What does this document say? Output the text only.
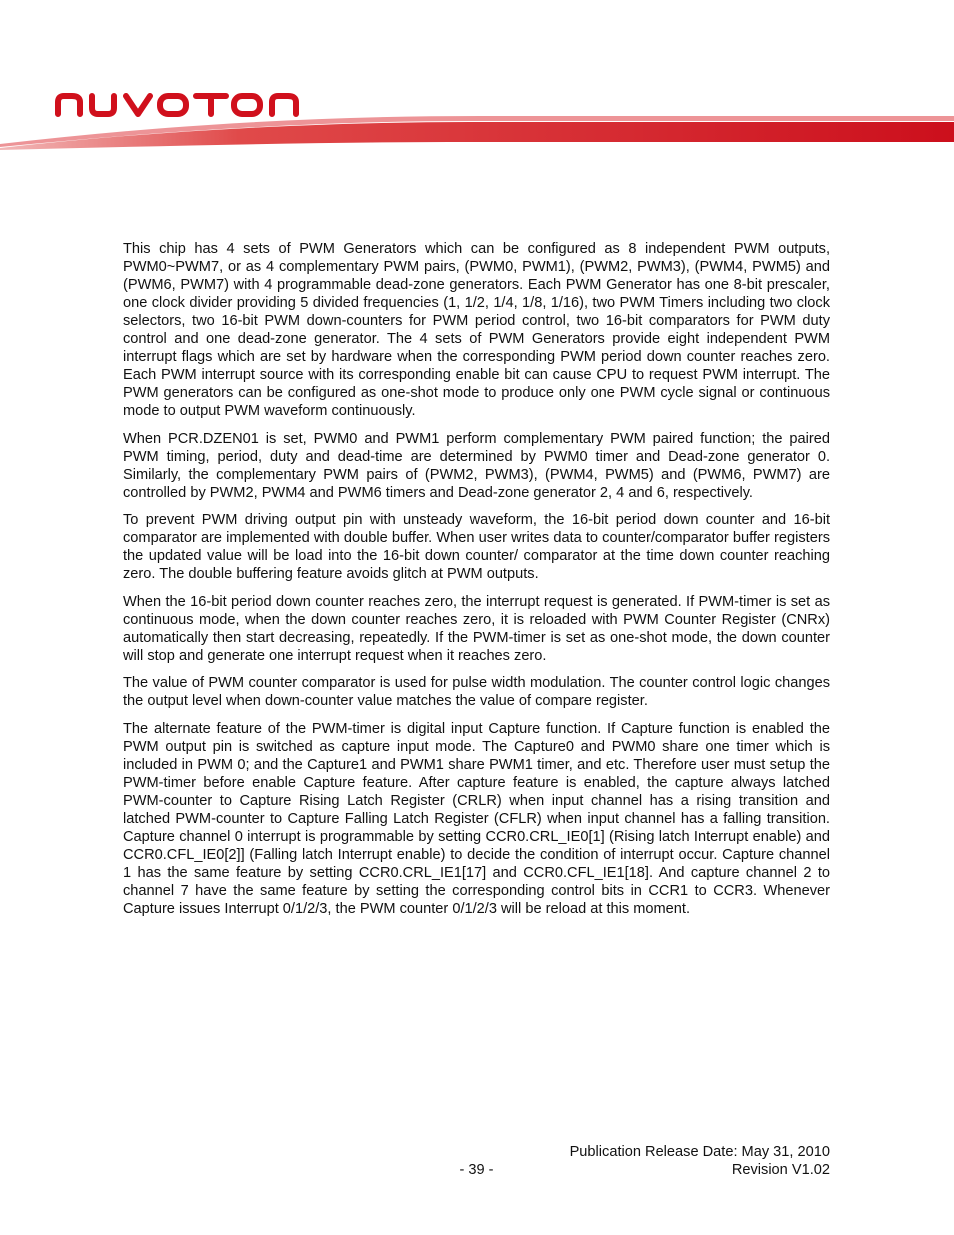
This chip has 4 sets of PWM Generators which can be configured as 8 independent PWM outputs, PWM0~PWM7, or as 4 complementary PWM pairs, (PWM0, PWM1), (PWM2, PWM3), (PWM4, PWM5) and (PWM6, PWM7) with 4 programmable dead-zone generators. Each PWM Generator has one 8-bit prescaler, one clock divider providing 5 divided frequencies (1, 1/2, 1/4, 1/8, 1/16), two PWM Timers including two clock selectors, two 16-bit PWM down-counters for PWM period control, two 16-bit comparators for PWM duty control and one dead-zone generator. The 4 sets of PWM Generators provide eight independent PWM interrupt flags which are set by hardware when the corresponding PWM period down counter reaches zero. Each PWM interrupt source with its corresponding enable bit can cause CPU to request PWM interrupt. The PWM generators can be configured as one-shot mode to produce only one PWM cycle signal or continuous mode to output PWM waveform continuously.

When PCR.DZEN01 is set, PWM0 and PWM1 perform complementary PWM paired function; the paired PWM timing, period, duty and dead-time are determined by PWM0 timer and Dead-zone generator 0. Similarly, the complementary PWM pairs of (PWM2, PWM3), (PWM4, PWM5) and (PWM6, PWM7) are controlled by PWM2, PWM4 and PWM6 timers and Dead-zone generator 2, 4 and 6, respectively.

To prevent PWM driving output pin with unsteady waveform, the 16-bit period down counter and 16-bit comparator are implemented with double buffer. When user writes data to counter/comparator buffer registers the updated value will be load into the 16-bit down counter/ comparator at the time down counter reaching zero. The double buffering feature avoids glitch at PWM outputs.

When the 16-bit period down counter reaches zero, the interrupt request is generated. If PWM-timer is set as continuous mode, when the down counter reaches zero, it is reloaded with PWM Counter Register (CNRx) automatically then start decreasing, repeatedly. If the PWM-timer is set as one-shot mode, the down counter will stop and generate one interrupt request when it reaches zero.

The value of PWM counter comparator is used for pulse width modulation. The counter control logic changes the output level when down-counter value matches the value of compare register.

The alternate feature of the PWM-timer is digital input Capture function. If Capture function is enabled the PWM output pin is switched as capture input mode. The Capture0 and PWM0 share one timer which is included in PWM 0; and the Capture1 and PWM1 share PWM1 timer, and etc. Therefore user must setup the PWM-timer before enable Capture feature. After capture feature is enabled, the capture always latched PWM-counter to Capture Rising Latch Register (CRLR) when input channel has a rising transition and latched PWM-counter to Capture Falling Latch Register (CFLR) when input channel has a falling transition. Capture channel 0 interrupt is programmable by setting CCR0.CRL_IE0[1] (Rising latch Interrupt enable) and CCR0.CFL_IE0[2]] (Falling latch Interrupt enable) to decide the condition of interrupt occur. Capture channel 1 has the same feature by setting CCR0.CRL_IE1[17] and CCR0.CFL_IE1[18]. And capture channel 2 to channel 7 have the same feature by setting the corresponding control bits in CCR1 to CCR3. Whenever Capture issues Interrupt 0/1/2/3, the PWM counter 0/1/2/3 will be reload at this moment.

Publication Release Date: May 31, 2010
Revision V1.02
- 39 -
